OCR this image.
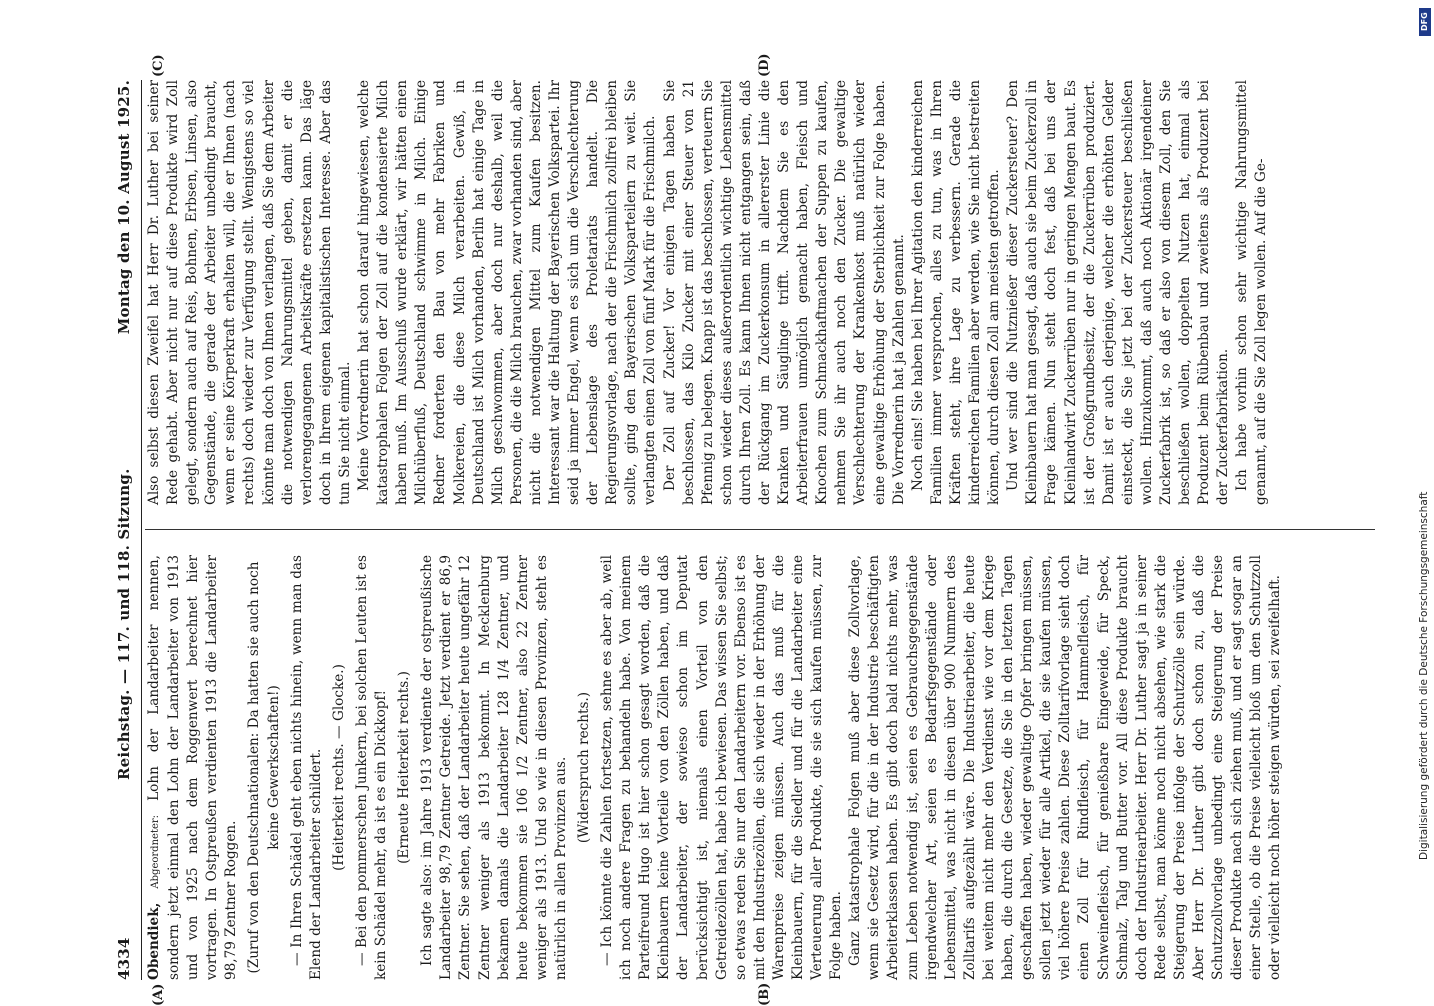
4334
Reichstag. — 117. und 118. Sitzung.
Montag den 10. August 1925.
(A)	(B)
(C)	(D)

Obendiek, Abgeordneter: Lohn der Landarbeiter nennen, sondern jetzt einmal den Lohn der Landarbeiter von 1913 und von 1925 nach dem Roggenwert berechnet hier vortragen. In Ostpreußen verdienten 1913 die Landarbeiter 98,79 Zentner Roggen. (Zuruf von den Deutschnationalen: Da hatten sie auch noch keine Gewerkschaften!) — In Ihren Schädel geht eben nichts hinein, wenn man das Elend der Landarbeiter schildert. (Heiterkeit rechts. — Glocke.) — Bei den pommerschen Junkern, bei solchen Leuten ist es kein Schädel mehr, da ist es ein Dickkopf! (Erneute Heiterkeit rechts.) Ich sagte also: im Jahre 1913 verdiente der ostpreußische Landarbeiter 98,79 Zentner Getreide. Jetzt verdient er 86,9 Zentner. Sie sehen, daß der Landarbeiter heute ungefähr 12 Zentner weniger als 1913 bekommt. In Mecklenburg bekamen damals die Landarbeiter 128 1/4 Zentner, und heute bekommen sie 106 1/2 Zentner, also 22 Zentner weniger als 1913. Und so wie in diesen Provinzen, steht es natürlich in allen Provinzen aus. (Widerspruch rechts.) — Ich könnte die Zahlen fortsetzen, sehne es aber ab, weil ich noch andere Fragen zu behandeln habe. Von meinem Parteifreund Hugo ist hier schon gesagt worden, daß die Kleinbauern keine Vorteile von den Zöllen haben, und daß der Landarbeiter, der sowieso schon im Deputat berücksichtigt ist, niemals einen Vorteil von den Getreidezöllen hat, habe ich bewiesen. Das wissen Sie selbst; so etwas reden Sie nur den Landarbeitern vor. Ebenso ist es mit den Industriezöllen, die sich wieder in der Erhöhung der Warenpreise zeigen müssen. Auch das muß für die Kleinbauern, für die Siedler und für die Landarbeiter eine Verteuerung aller Produkte, die sie sich kaufen müssen, zur Folge haben. Ganz katastrophale Folgen muß aber diese Zollvorlage, wenn sie Gesetz wird, für die in der Industrie beschäftigten Arbeiterklassen haben. Es gibt doch bald nichts mehr, was zum Leben notwendig ist, seien es Gebrauchsgegenstände irgendwelcher Art, seien es Bedarfsgegenstände oder Lebensmittel, was nicht in diesen über 900 Nummern des Zolltarifs aufgezählt wäre. Die Industriearbeiter, die heute bei weitem nicht mehr den Verdienst wie vor dem Kriege haben, die durch die Gesetze, die Sie in den letzten Tagen geschaffen haben, wieder gewaltige Opfer bringen müssen, sollen jetzt wieder für alle Artikel, die sie kaufen müssen, viel höhere Preise zahlen. Diese Zolltarifvorlage sieht doch einen Zoll für Rindfleisch, für Hammelfleisch, für Schweinefleisch, für genießbare Eingeweide, für Speck, Schmalz, Talg und Butter vor. All diese Produkte braucht doch der Industriearbeiter. Herr Dr. Luther sagt ja in seiner Rede selbst, man könne noch nicht absehen, wie stark die Steigerung der Preise infolge der Schutzzölle sein würde. Aber Herr Dr. Luther gibt doch schon zu, daß die Schutzzollvorlage unbedingt eine Steigerung der Preise dieser Produkte nach sich ziehen muß, und er sagt sogar an einer Stelle, ob die Preise vielleicht bloß um den Schutzzoll oder vielleicht noch höher steigen würden, sei zweifelhaft.

Also selbst diesen Zweifel hat Herr Dr. Luther bei seiner Rede gehabt. Aber nicht nur auf diese Produkte wird Zoll gelegt, sondern auch auf Reis, Bohnen, Erbsen, Linsen, also Gegenstände, die gerade der Arbeiter unbedingt braucht, wenn er seine Körperkraft erhalten will, die er Ihnen (nach rechts) doch wieder zur Verfügung stellt. Wenigstens so viel könnte man doch von Ihnen verlangen, daß Sie dem Arbeiter die notwendigen Nahrungsmittel geben, damit er die verlorengegangenen Arbeitskräfte ersetzen kann. Das läge doch in Ihrem eigenen kapitalistischen Interesse. Aber das tun Sie nicht einmal. Meine Vorrednerin hat schon darauf hingewiesen, welche katastrophalen Folgen der Zoll auf die kondensierte Milch haben muß. Im Ausschuß wurde erklärt, wir hätten einen Milchüberfluß, Deutschland schwimme in Milch. Einige Redner forderten den Bau von mehr Fabriken und Molkereien, die diese Milch verarbeiten. Gewiß, in Deutschland ist Milch vorhanden, Berlin hat einige Tage in Milch geschwommen, aber doch nur deshalb, weil die Personen, die die Milch brauchen, zwar vorhanden sind, aber nicht die notwendigen Mittel zum Kaufen besitzen. Interessant war die Haltung der Bayerischen Volkspartei. Ihr seid ja immer Engel, wenn es sich um die Verschlechterung der Lebenslage des Proletariats handelt. Die Regierungsvorlage, nach der die Frischmilch zollfrei bleiben sollte, ging den Bayerischen Volksparteilern zu weit. Sie verlangten einen Zoll von fünf Mark für die Frischmilch. Der Zoll auf Zucker! Vor einigen Tagen haben Sie beschlossen, das Kilo Zucker mit einer Steuer von 21 Pfennig zu belegen. Knapp ist das beschlossen, verteuern Sie schon wieder dieses außerordentlich wichtige Lebensmittel durch Ihren Zoll. Es kann Ihnen nicht entgangen sein, daß der Rückgang im Zuckerkonsum in allererster Linie die Kranken und Säuglinge trifft. Nachdem Sie es den Arbeiterfrauen unmöglich gemacht haben, Fleisch und Knochen zum Schmackhaftmachen der Suppen zu kaufen, nehmen Sie ihr auch noch den Zucker. Die gewaltige Verschlechterung der Krankenkost muß natürlich wieder eine gewaltige Erhöhung der Sterblichkeit zur Folge haben. Die Vorrednerin hat ja Zahlen genannt. Noch eins! Sie haben bei Ihrer Agitation den kinderreichen Familien immer versprochen, alles zu tun, was in Ihren Kräften steht, ihre Lage zu verbessern. Gerade die kinderreichen Familien aber werden, wie Sie nicht bestreiten können, durch diesen Zoll am meisten getroffen. Und wer sind die Nutznießer dieser Zuckersteuer? Den Kleinbauern hat man gesagt, daß auch sie beim Zuckerzoll in Frage kämen. Nun steht doch fest, daß bei uns der Kleinlandwirt Zuckerrüben nur in geringen Mengen baut. Es ist der Großgrundbesitz, der die Zuckerrüben produziert. Damit ist er auch derjenige, welcher die erhöhten Gelder einsteckt, die Sie jetzt bei der Zuckersteuer beschließen wollen. Hinzukommt, daß auch noch Aktionär irgendeiner Zuckerfabrik ist, so daß er also von diesem Zoll, den Sie beschließen wollen, doppelten Nutzen hat, einmal als Produzent beim Rübenbau und zweitens als Produzent bei der Zuckerfabrikation. Ich habe vorhin schon sehr wichtige Nahrungsmittel genannt, auf die Sie Zoll legen wollen. Auf die Ge-

DFG
Digitalisierung gefördert durch die Deutsche Forschungsgemeinschaft
